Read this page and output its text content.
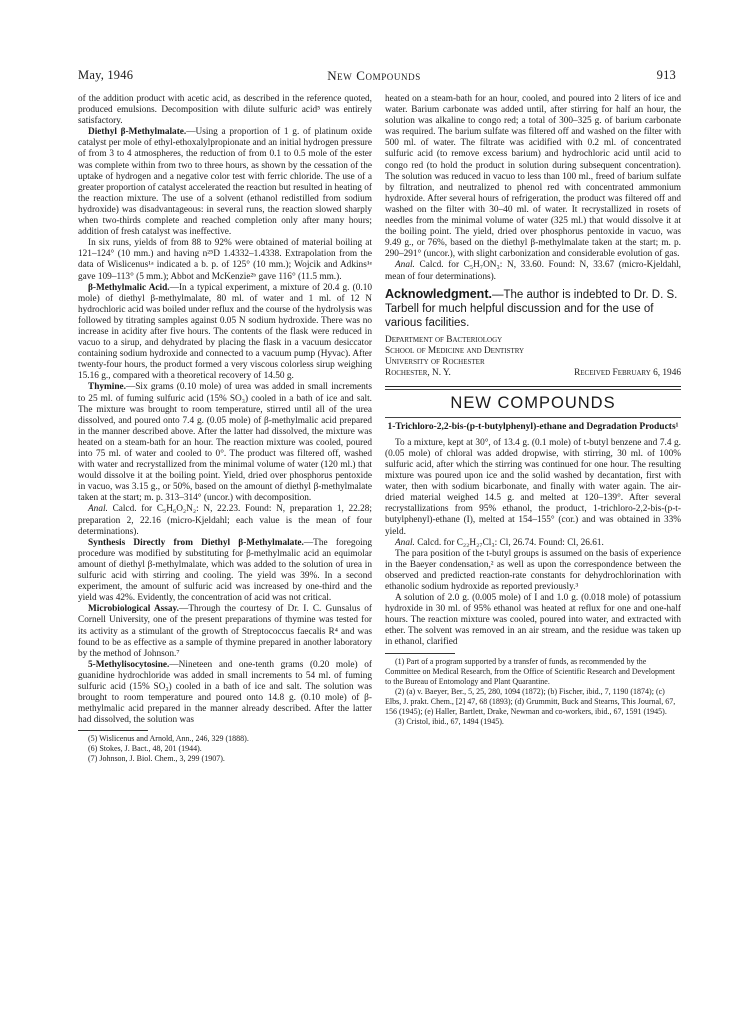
May, 1946	New Compounds	913

of the addition product with acetic acid, as described in the reference quoted, produced emulsions. Decomposition with dilute sulfuric acid⁵ was entirely satisfactory.

Diethyl β-Methylmalate.—Using a proportion of 1 g. of platinum oxide catalyst per mole of ethyl-ethoxalylpropionate and an initial hydrogen pressure of from 3 to 4 atmospheres, the reduction of from 0.1 to 0.5 mole of the ester was complete within from two to three hours, as shown by the cessation of the uptake of hydrogen and a negative color test with ferric chloride. The use of a greater proportion of catalyst accelerated the reaction but resulted in heating of the reaction mixture. The use of a solvent (ethanol redistilled from sodium hydroxide) was disadvantageous: in several runs, the reaction slowed sharply when two-thirds complete and reached completion only after many hours; addition of fresh catalyst was ineffective.

In six runs, yields of from 88 to 92% were obtained of material boiling at 121–124° (10 mm.) and having n²⁵D 1.4332–1.4338. Extrapolation from the data of Wislicenus¹ᵃ indicated a b. p. of 125° (10 mm.); Wojcik and Adkins¹ᵉ gave 109–113° (5 mm.); Abbot and McKenzie²ᵇ gave 116° (11.5 mm.).

β-Methylmalic Acid.—In a typical experiment, a mixture of 20.4 g. (0.10 mole) of diethyl β-methylmalate, 80 ml. of water and 1 ml. of 12 N hydrochloric acid was boiled under reflux and the course of the hydrolysis was followed by titrating samples against 0.05 N sodium hydroxide. There was no increase in acidity after five hours. The contents of the flask were reduced in vacuo to a sirup, and dehydrated by placing the flask in a vacuum desiccator containing sodium hydroxide and connected to a vacuum pump (Hyvac). After twenty-four hours, the product formed a very viscous colorless sirup weighing 15.16 g., compared with a theoretical recovery of 14.50 g.

Thymine.—Six grams (0.10 mole) of urea was added in small increments to 25 ml. of fuming sulfuric acid (15% SO₃) cooled in a bath of ice and salt. The mixture was brought to room temperature, stirred until all of the urea dissolved, and poured onto 7.4 g. (0.05 mole) of β-methylmalic acid prepared in the manner described above. After the latter had dissolved, the mixture was heated on a steam-bath for an hour. The reaction mixture was cooled, poured into 75 ml. of water and cooled to 0°. The product was filtered off, washed with water and recrystallized from the minimal volume of water (120 ml.) that would dissolve it at the boiling point. Yield, dried over phosphorus pentoxide in vacuo, was 3.15 g., or 50%, based on the amount of diethyl β-methylmalate taken at the start; m. p. 313–314° (uncor.) with decomposition.

Anal. Calcd. for C₅H₆O₂N₂: N, 22.23. Found: N, preparation 1, 22.28; preparation 2, 22.16 (micro-Kjeldahl; each value is the mean of four determinations).

Synthesis Directly from Diethyl β-Methylmalate.—The foregoing procedure was modified by substituting for β-methylmalic acid an equimolar amount of diethyl β-methylmalate, which was added to the solution of urea in sulfuric acid with stirring and cooling. The yield was 39%. In a second experiment, the amount of sulfuric acid was increased by one-third and the yield was 42%. Evidently, the concentration of acid was not critical.

Microbiological Assay.—Through the courtesy of Dr. I. C. Gunsalus of Cornell University, one of the present preparations of thymine was tested for its activity as a stimulant of the growth of Streptococcus faecalis R⁴ and was found to be as effective as a sample of thymine prepared in another laboratory by the method of Johnson.⁷

5-Methylisocytosine.—Nineteen and one-tenth grams (0.20 mole) of guanidine hydrochloride was added in small increments to 54 ml. of fuming sulfuric acid (15% SO₃) cooled in a bath of ice and salt. The solution was brought to room temperature and poured onto 14.8 g. (0.10 mole) of β-methylmalic acid prepared in the manner already described. After the latter had dissolved, the solution was

(5) Wislicenus and Arnold, Ann., 246, 329 (1888).

(6) Stokes, J. Bact., 48, 201 (1944).

(7) Johnson, J. Biol. Chem., 3, 299 (1907).

heated on a steam-bath for an hour, cooled, and poured into 2 liters of ice and water. Barium carbonate was added until, after stirring for half an hour, the solution was alkaline to congo red; a total of 300–325 g. of barium carbonate was required. The barium sulfate was filtered off and washed on the filter with 500 ml. of water. The filtrate was acidified with 0.2 ml. of concentrated sulfuric acid (to remove excess barium) and hydrochloric acid until acid to congo red (to hold the product in solution during subsequent concentration). The solution was reduced in vacuo to less than 100 ml., freed of barium sulfate by filtration, and neutralized to phenol red with concentrated ammonium hydroxide. After several hours of refrigeration, the product was filtered off and washed on the filter with 30–40 ml. of water. It recrystallized in rosets of needles from the minimal volume of water (325 ml.) that would dissolve it at the boiling point. The yield, dried over phosphorus pentoxide in vacuo, was 9.49 g., or 76%, based on the diethyl β-methylmalate taken at the start; m. p. 290–291° (uncor.), with slight carbonization and considerable evolution of gas.

Anal. Calcd. for C₅H₇ON₃: N, 33.60. Found: N, 33.67 (micro-Kjeldahl, mean of four determinations).

Acknowledgment.—The author is indebted to Dr. D. S. Tarbell for much helpful discussion and for the use of various facilities.

Department of Bacteriology
School of Medicine and Dentistry
University of Rochester
Rochester, N. Y.	Received February 6, 1946
NEW COMPOUNDS
1-Trichloro-2,2-bis-(p-t-butylphenyl)-ethane and Degradation Products¹

To a mixture, kept at 30°, of 13.4 g. (0.1 mole) of t-butyl benzene and 7.4 g. (0.05 mole) of chloral was added dropwise, with stirring, 30 ml. of 100% sulfuric acid, after which the stirring was continued for one hour. The resulting mixture was poured upon ice and the solid washed by decantation, first with water, then with sodium bicarbonate, and finally with water again. The air-dried material weighed 14.5 g. and melted at 120–139°. After several recrystallizations from 95% ethanol, the product, 1-trichloro-2,2-bis-(p-t-butylphenyl)-ethane (I), melted at 154–155° (cor.) and was obtained in 33% yield.

Anal. Calcd. for C₂₂H₂₇Cl₃: Cl, 26.74. Found: Cl, 26.61.

The para position of the t-butyl groups is assumed on the basis of experience in the Baeyer condensation,² as well as upon the correspondence between the observed and predicted reaction-rate constants for dehydrochlorination with ethanolic sodium hydroxide as reported previously.³

A solution of 2.0 g. (0.005 mole) of I and 1.0 g. (0.018 mole) of potassium hydroxide in 30 ml. of 95% ethanol was heated at reflux for one and one-half hours. The reaction mixture was cooled, poured into water, and extracted with ether. The solvent was removed in an air stream, and the residue was taken up in ethanol, clarified

(1) Part of a program supported by a transfer of funds, as recommended by the Committee on Medical Research, from the Office of Scientific Research and Development to the Bureau of Entomology and Plant Quarantine.

(2) (a) v. Baeyer, Ber., 5, 25, 280, 1094 (1872); (b) Fischer, ibid., 7, 1190 (1874); (c) Elbs, J. prakt. Chem., [2] 47, 68 (1893); (d) Grummitt, Buck and Stearns, This Journal, 67, 156 (1945); (e) Haller, Bartlett, Drake, Newman and co-workers, ibid., 67, 1591 (1945).

(3) Cristol, ibid., 67, 1494 (1945).
